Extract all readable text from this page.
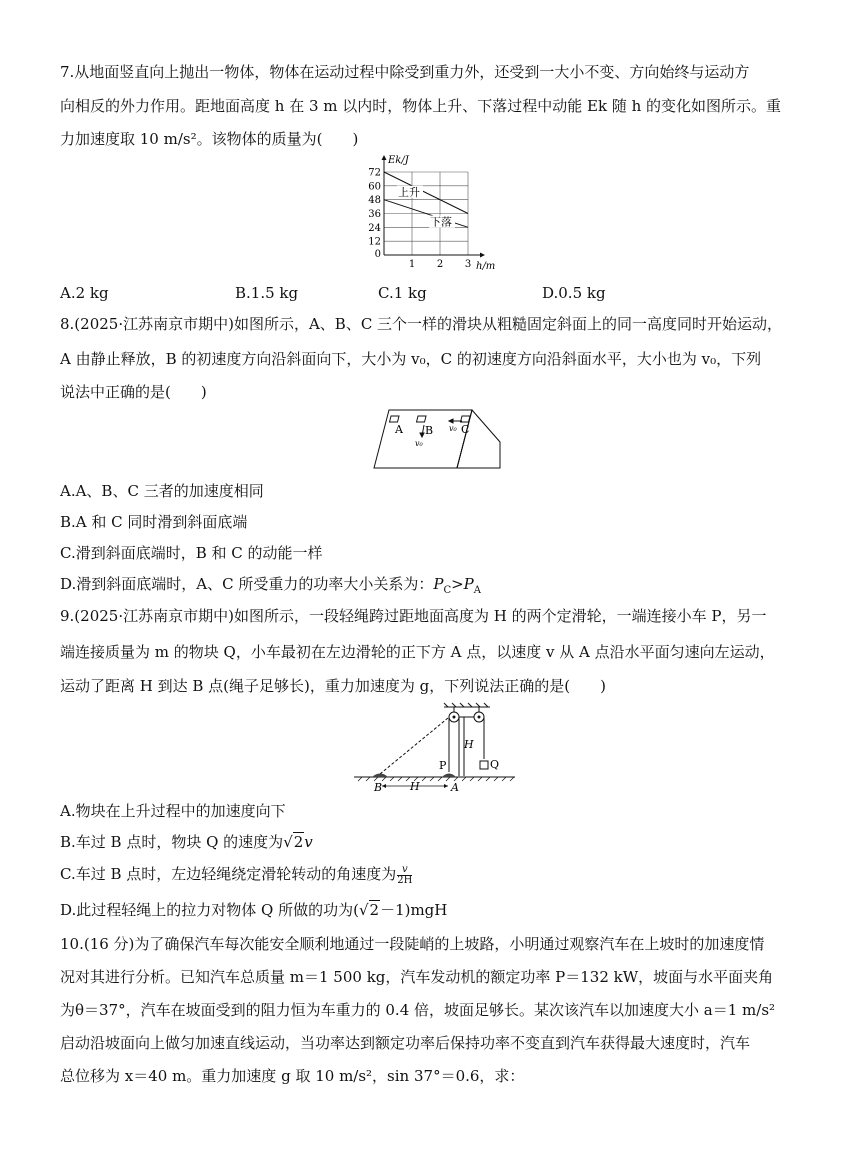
7.从地面竖直向上抛出一物体，物体在运动过程中除受到重力外，还受到一大小不变、方向始终与运动方
向相反的外力作用。距地面高度 h 在 3 m 以内时，物体上升、下落过程中动能 Ek 随 h 的变化如图所示。重
力加速度取 10 m/s²。该物体的质量为(　　)
12
24
36
48
60
72
0
1 2 3 h/m
Ek/J
上升
下落
A.2 kg	B.1.5 kg	C.1 kg	D.0.5 kg
8.(2025·江苏南京市期中)如图所示，A、B、C 三个一样的滑块从粗糙固定斜面上的同一高度同时开始运动，
A 由静止释放，B 的初速度方向沿斜面向下，大小为 v₀，C 的初速度方向沿斜面水平，大小也为 v₀，下列
说法中正确的是(　　)
A B	C
v₀
v₀
A.A、B、C 三者的加速度相同
B.A 和 C 同时滑到斜面底端
C.滑到斜面底端时，B 和 C 的动能一样
D.滑到斜面底端时，A、C 所受重力的功率大小关系为：$P_C>P_A$
9.(2025·江苏南京市期中)如图所示，一段轻绳跨过距地面高度为 H 的两个定滑轮，一端连接小车 P，另一
端连接质量为 m 的物块 Q，小车最初在左边滑轮的正下方 A 点，以速度 v 从 A 点沿水平面匀速向左运动，
运动了距离 H 到达 B 点(绳子足够长)，重力加速度为 g，下列说法正确的是(　　)
H
P	Q
B	A
H
A.物块在上升过程中的加速度向下
B.车过 B 点时，物块 Q 的速度为√2v
C.车过 B 点时，左边轻绳绕定滑轮转动的角速度为 $\frac{v}{2H}$
D.此过程轻绳上的拉力对物体 Q 所做的功为(√2－1)mgH
10.(16 分)为了确保汽车每次能安全顺利地通过一段陡峭的上坡路，小明通过观察汽车在上坡时的加速度情
况对其进行分析。已知汽车总质量 m＝1 500 kg，汽车发动机的额定功率 P＝132 kW，坡面与水平面夹角
为θ＝37°，汽车在坡面受到的阻力恒为车重力的 0.4 倍，坡面足够长。某次该汽车以加速度大小 a＝1 m/s²
启动沿坡面向上做匀加速直线运动，当功率达到额定功率后保持功率不变直到汽车获得最大速度时，汽车
总位移为 x＝40 m。重力加速度 g 取 10 m/s²，sin 37°＝0.6，求：
